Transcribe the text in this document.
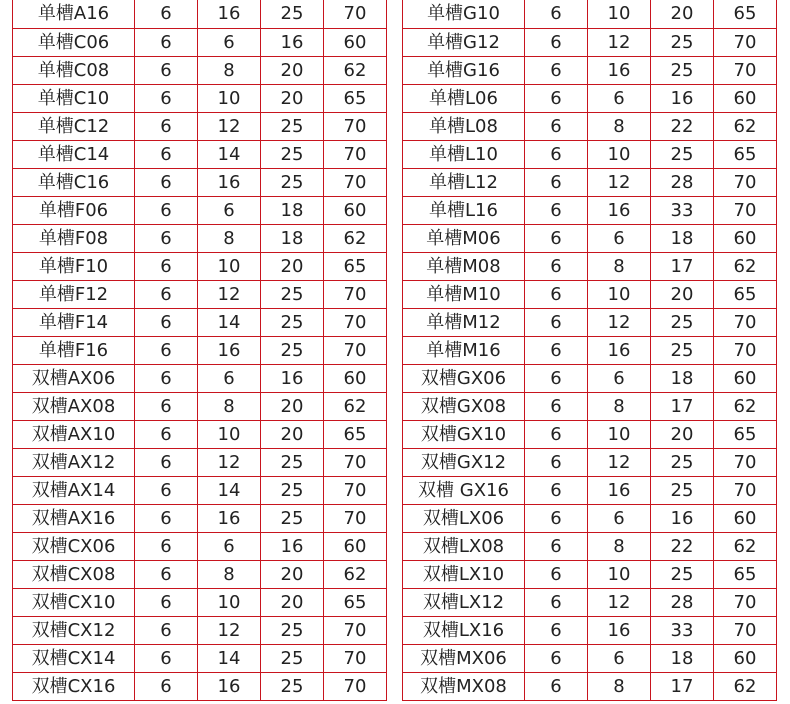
单槽A16	6	16	25	70
单槽C06	6	6	16	60
单槽C08	6	8	20	62
单槽C10	6	10	20	65
单槽C12	6	12	25	70
单槽C14	6	14	25	70
单槽C16	6	16	25	70
单槽F06	6	6	18	60
单槽F08	6	8	18	62
单槽F10	6	10	20	65
单槽F12	6	12	25	70
单槽F14	6	14	25	70
单槽F16	6	16	25	70
双槽AX06	6	6	16	60
双槽AX08	6	8	20	62
双槽AX10	6	10	20	65
双槽AX12	6	12	25	70
双槽AX14	6	14	25	70
双槽AX16	6	16	25	70
双槽CX06	6	6	16	60
双槽CX08	6	8	20	62
双槽CX10	6	10	20	65
双槽CX12	6	12	25	70
双槽CX14	6	14	25	70
双槽CX16	6	16	25	70
单槽G10	6	10	20	65
单槽G12	6	12	25	70
单槽G16	6	16	25	70
单槽L06	6	6	16	60
单槽L08	6	8	22	62
单槽L10	6	10	25	65
单槽L12	6	12	28	70
单槽L16	6	16	33	70
单槽M06	6	6	18	60
单槽M08	6	8	17	62
单槽M10	6	10	20	65
单槽M12	6	12	25	70
单槽M16	6	16	25	70
双槽GX06	6	6	18	60
双槽GX08	6	8	17	62
双槽GX10	6	10	20	65
双槽GX12	6	12	25	70
双槽 GX16	6	16	25	70
双槽LX06	6	6	16	60
双槽LX08	6	8	22	62
双槽LX10	6	10	25	65
双槽LX12	6	12	28	70
双槽LX16	6	16	33	70
双槽MX06	6	6	18	60
双槽MX08	6	8	17	62
